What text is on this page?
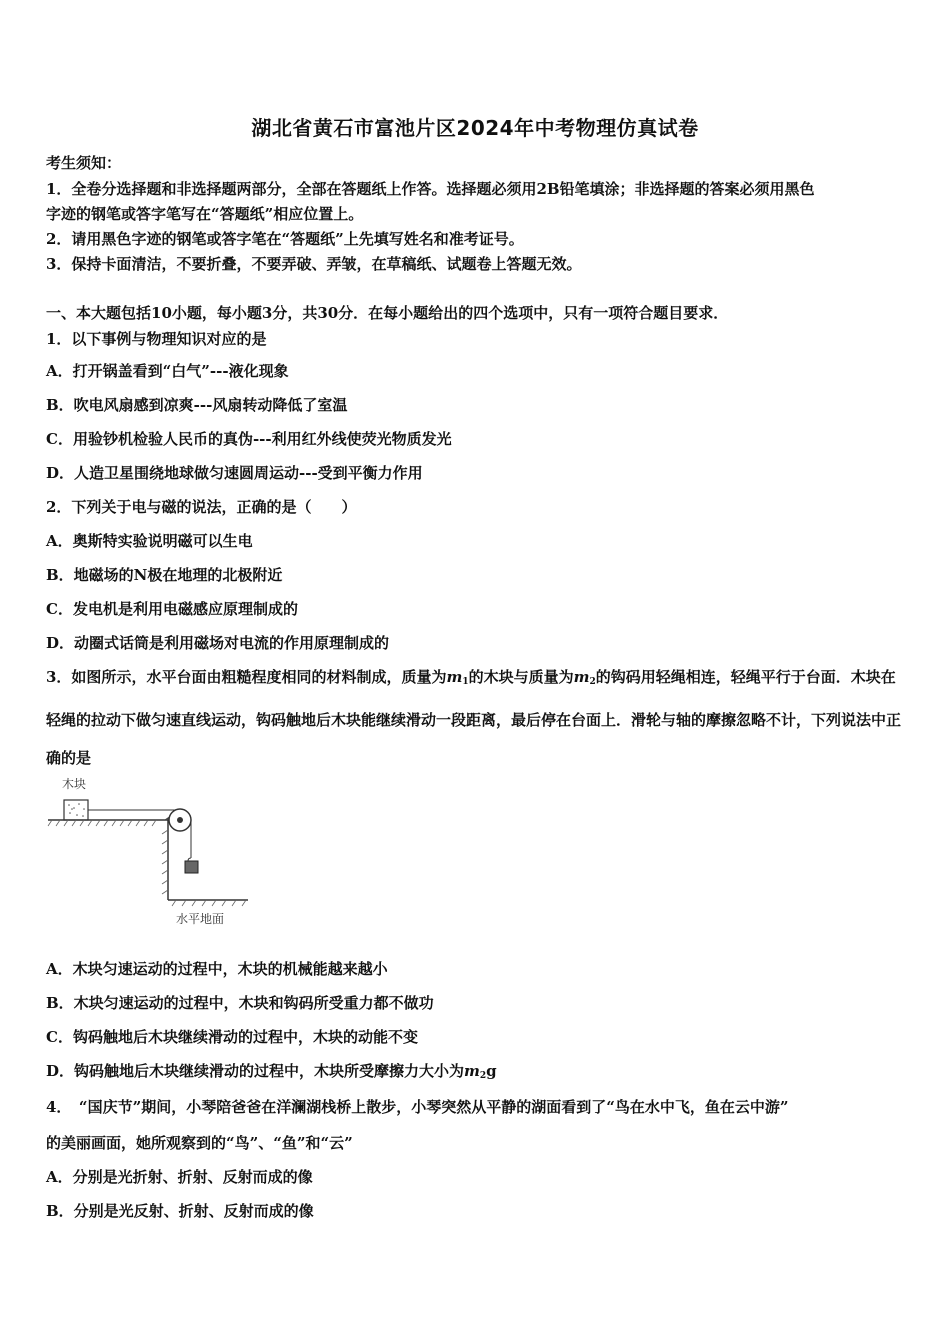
湖北省黄石市富池片区2024年中考物理仿真试卷
考生须知：
1．全卷分选择题和非选择题两部分，全部在答题纸上作答。选择题必须用2B铅笔填涂；非选择题的答案必须用黑色
字迹的钢笔或答字笔写在“答题纸”相应位置上。
2．请用黑色字迹的钢笔或答字笔在“答题纸”上先填写姓名和准考证号。
3．保持卡面清洁，不要折叠，不要弄破、弄皱，在草稿纸、试题卷上答题无效。
一、本大题包括10小题，每小题3分，共30分．在每小题给出的四个选项中，只有一项符合题目要求．
1．以下事例与物理知识对应的是
A．打开锅盖看到“白气”---液化现象
B．吹电风扇感到凉爽---风扇转动降低了室温
C．用验钞机检验人民币的真伪---利用红外线使荧光物质发光
D．人造卫星围绕地球做匀速圆周运动---受到平衡力作用
2．下列关于电与磁的说法，正确的是（　　）
A．奥斯特实验说明磁可以生电
B．地磁场的N极在地理的北极附近
C．发电机是利用电磁感应原理制成的
D．动圈式话筒是利用磁场对电流的作用原理制成的
3．如图所示，水平台面由粗糙程度相同的材料制成，质量为$m_1$的木块与质量为$m_2$的钩码用轻绳相连，轻绳平行于台面．木块在轻绳的拉动下做匀速直线运动，钩码触地后木块能继续滑动一段距离，最后停在台面上．滑轮与轴的摩擦忽略不计，下列说法中正确的是
木块
水平地面
A．木块匀速运动的过程中，木块的机械能越来越小
B．木块匀速运动的过程中，木块和钩码所受重力都不做功
C．钩码触地后木块继续滑动的过程中，木块的动能不变
D．钩码触地后木块继续滑动的过程中，木块所受摩擦力大小为$m_2g$
4．　“国庆节”期间，小琴陪爸爸在洋澜湖栈桥上散步，小琴突然从平静的湖面看到了“鸟在水中飞，鱼在云中游”
的美丽画面，她所观察到的“鸟”、“鱼”和“云”
A．分别是光折射、折射、反射而成的像
B．分别是光反射、折射、反射而成的像
